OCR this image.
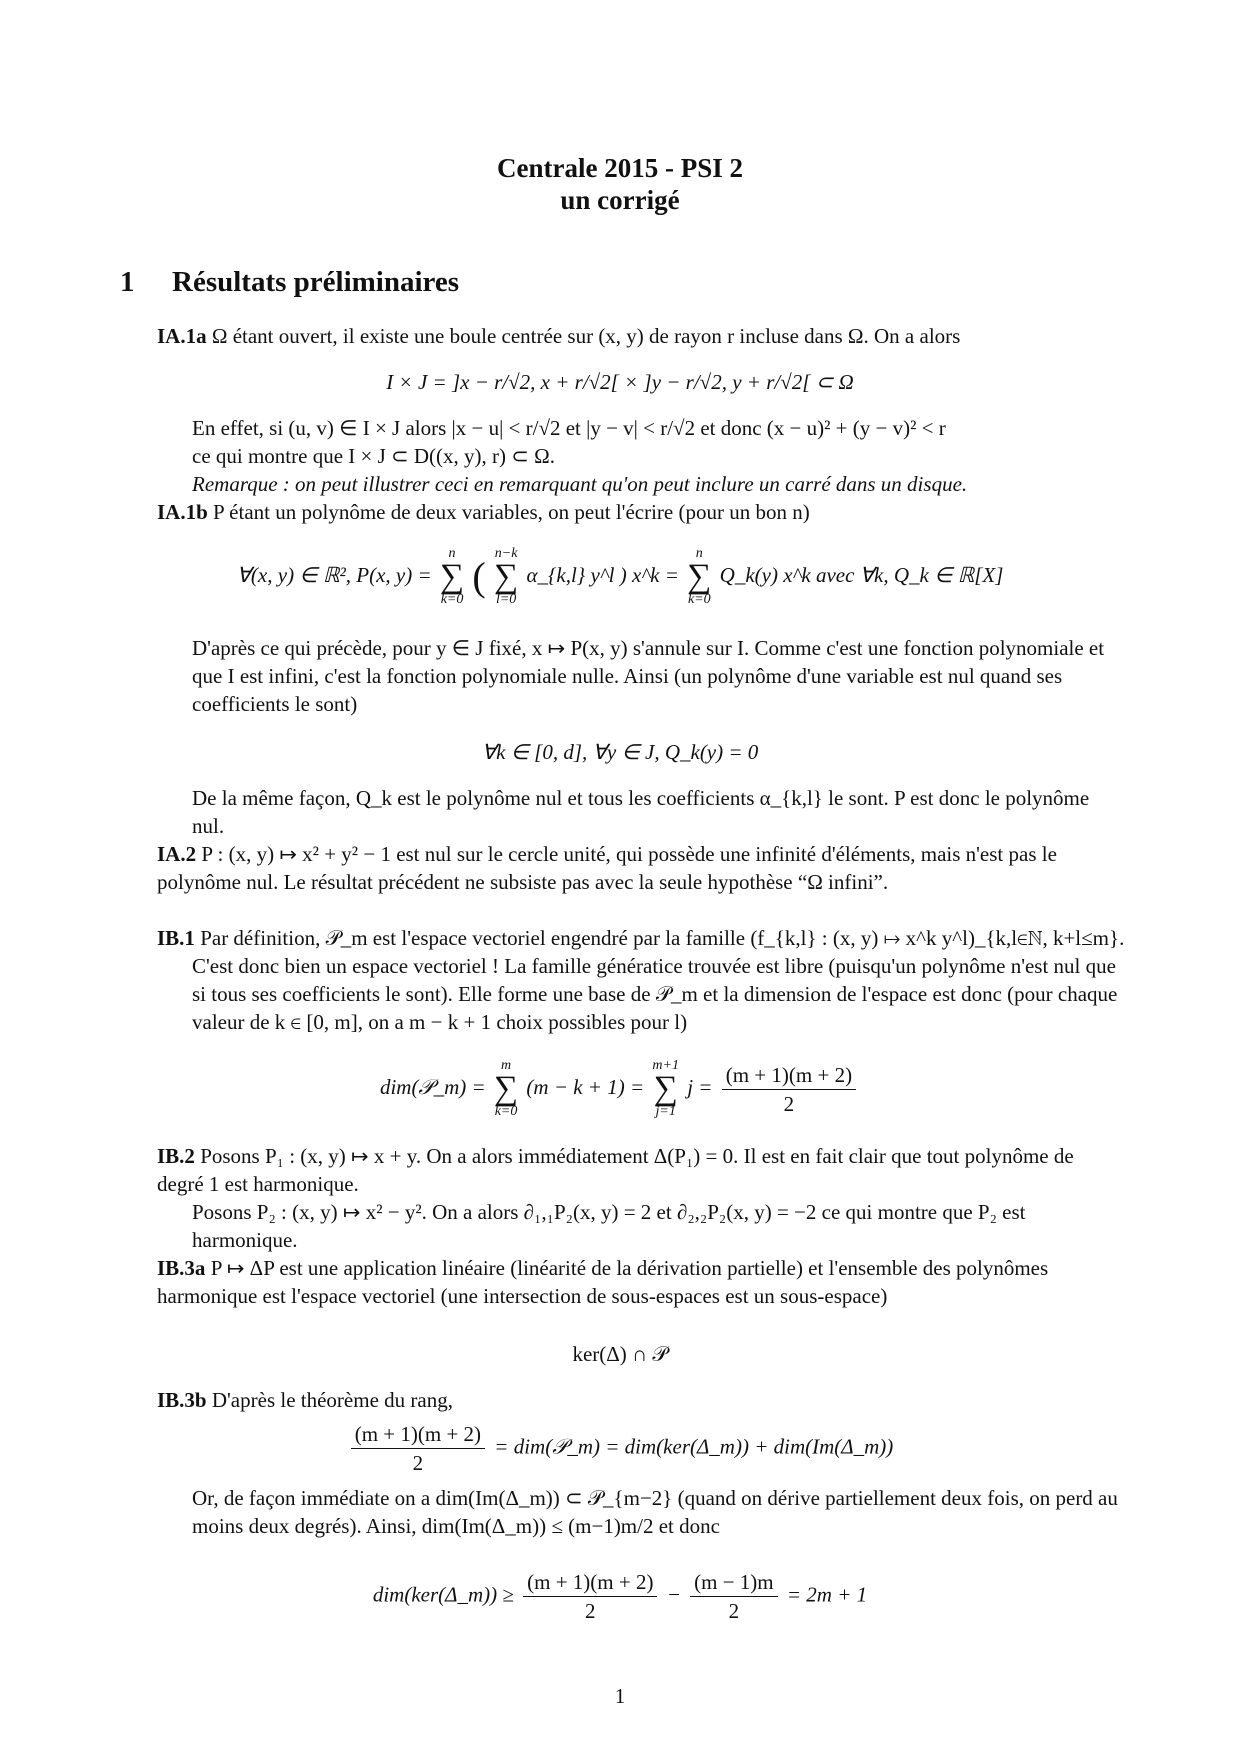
Centrale 2015 - PSI 2
un corrigé
1 Résultats préliminaires
IA.1a Ω étant ouvert, il existe une boule centrée sur (x, y) de rayon r incluse dans Ω. On a alors
I × J = ]x − r/√2, x + r/√2[ × ]y − r/√2, y + r/√2[ ⊂ Ω
En effet, si (u, v) ∈ I × J alors |x − u| < r/√2 et |y − v| < r/√2 et donc (x − u)² + (y − v)² < r
ce qui montre que I × J ⊂ D((x, y), r) ⊂ Ω.
Remarque : on peut illustrer ceci en remarquant qu'on peut inclure un carré dans un disque.
IA.1b P étant un polynôme de deux variables, on peut l'écrire (pour un bon n)
∀(x, y) ∈ ℝ², P(x, y) =
n
∑
k=0
(
n−k
∑
l=0
α_{k,l} y^l ) x^k =
n
∑
k=0
Q_k(y) x^k avec ∀k, Q_k ∈ ℝ[X]
D'après ce qui précède, pour y ∈ J fixé, x ↦ P(x, y) s'annule sur I. Comme c'est une fonction polynomiale et que I est infini, c'est la fonction polynomiale nulle. Ainsi (un polynôme d'une variable est nul quand ses coefficients le sont)
∀k ∈ [0, d], ∀y ∈ J, Q_k(y) = 0
De la même façon, Q_k est le polynôme nul et tous les coefficients α_{k,l} le sont. P est donc le polynôme nul.
IA.2 P : (x, y) ↦ x² + y² − 1 est nul sur le cercle unité, qui possède une infinité d'éléments, mais n'est pas le polynôme nul. Le résultat précédent ne subsiste pas avec la seule hypothèse “Ω infini”.
IB.1 Par définition, 𝒫_m est l'espace vectoriel engendré par la famille (f_{k,l} : (x, y) ↦ x^k y^l)_{k,l∈ℕ, k+l≤m}.
C'est donc bien un espace vectoriel ! La famille génératice trouvée est libre (puisqu'un polynôme n'est nul que si tous ses coefficients le sont). Elle forme une base de 𝒫_m et la dimension de l'espace est donc (pour chaque valeur de k ∈ [0, m], on a m − k + 1 choix possibles pour l)
dim(𝒫_m) =
m
∑
k=0
(m − k + 1) =
m+1
∑
j=1
$j = \frac{(m + 1)(m + 2)}{2}$
IB.2 Posons P₁ : (x, y) ↦ x + y. On a alors immédiatement Δ(P₁) = 0. Il est en fait clair que tout polynôme de degré 1 est harmonique.
Posons P₂ : (x, y) ↦ x² − y². On a alors ∂₁,₁P₂(x, y) = 2 et ∂₂,₂P₂(x, y) = −2 ce qui montre que P₂ est harmonique.
IB.3a P ↦ ΔP est une application linéaire (linéarité de la dérivation partielle) et l'ensemble des polynômes harmonique est l'espace vectoriel (une intersection de sous-espaces est un sous-espace)
ker(Δ) ∩ 𝒫
IB.3b D'après le théorème du rang,
$\frac{(m + 1)(m + 2)}{2}$ = dim(𝒫_m) = dim(ker(Δ_m)) + dim(Im(Δ_m))
Or, de façon immédiate on a dim(Im(Δ_m)) ⊂ 𝒫_{m−2} (quand on dérive partiellement deux fois, on perd au moins deux degrés). Ainsi, dim(Im(Δ_m)) ≤ (m−1)m/2 et donc
dim(ker(Δ_m)) ≥ $\frac{(m + 1)(m + 2)}{2} - \frac{(m - 1)m}{2} = 2m + 1$
1
